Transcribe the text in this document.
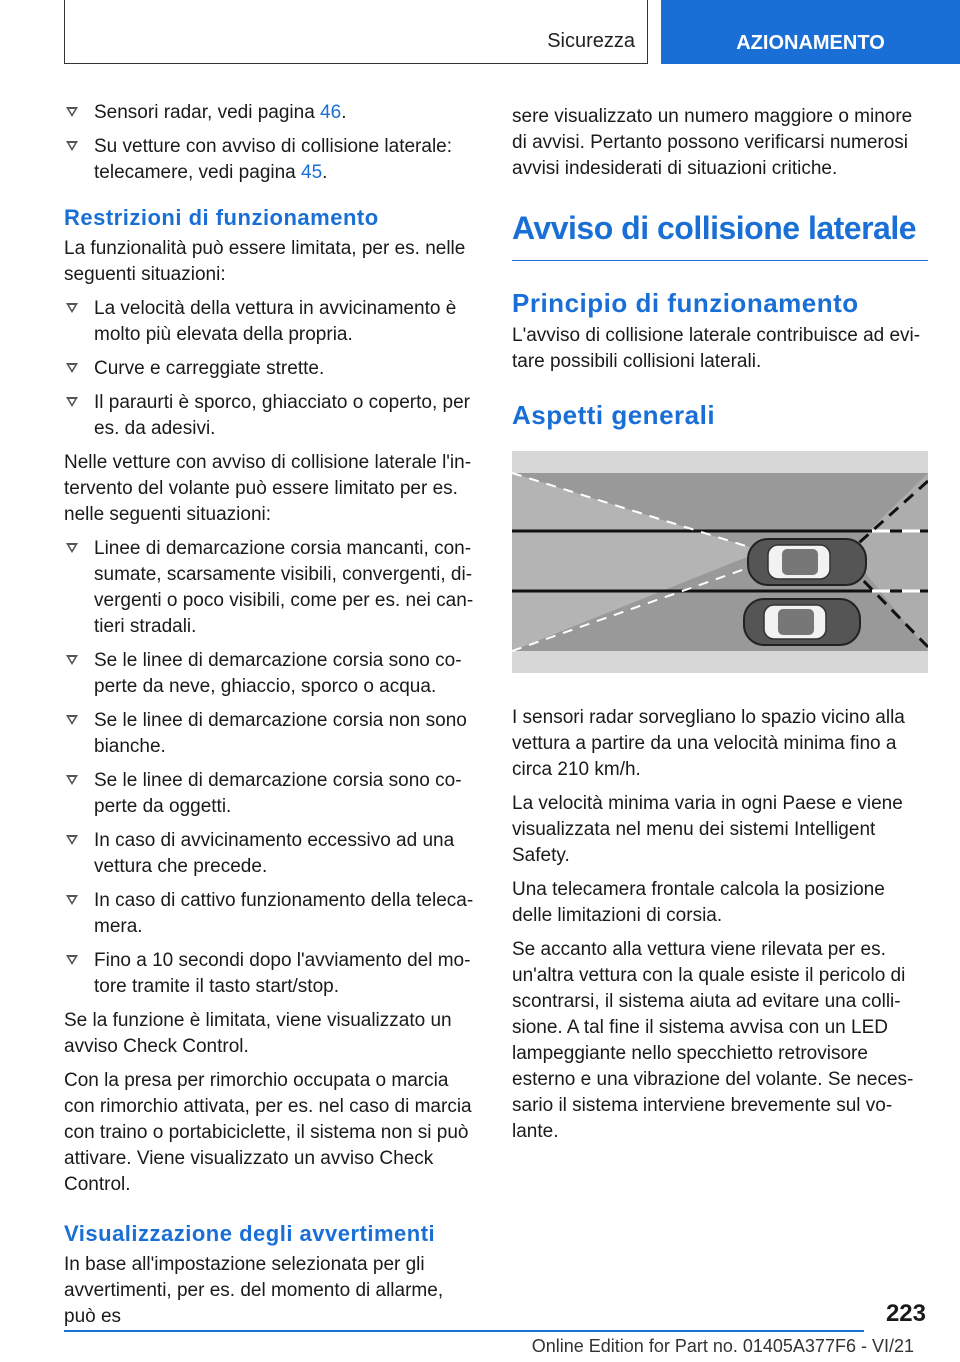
Sicurezza	AZIONAMENTO
Sensori radar, vedi pagina 46.
Su vetture con avviso di collisione laterale: telecamere, vedi pagina 45.
Restrizioni di funzionamento

La funzionalità può essere limitata, per es. nelle seguenti situazioni:

La velocità della vettura in avvicinamento è molto più elevata della propria.
Curve e carreggiate strette.
Il paraurti è sporco, ghiacciato o coperto, per es. da adesivi.

Nelle vetture con avviso di collisione laterale l'intervento del volante può essere limitato per es. nelle seguenti situazioni:

Linee di demarcazione corsia mancanti, consumate, scarsamente visibili, convergenti, divergenti o poco visibili, come per es. nei cantieri stradali.
Se le linee di demarcazione corsia sono coperte da neve, ghiaccio, sporco o acqua.
Se le linee di demarcazione corsia non sono bianche.
Se le linee di demarcazione corsia sono coperte da oggetti.
In caso di avvicinamento eccessivo ad una vettura che precede.
In caso di cattivo funzionamento della telecamera.
Fino a 10 secondi dopo l'avviamento del motore tramite il tasto start/stop.

Se la funzione è limitata, viene visualizzato un avviso Check Control.

Con la presa per rimorchio occupata o marcia con rimorchio attivata, per es. nel caso di marcia con traino o portabiciclette, il sistema non si può attivare. Viene visualizzato un avviso Check Control.

Visualizzazione degli avvertimenti

In base all'impostazione selezionata per gli avvertimenti, per es. del momento di allarme, può es

sere visualizzato un numero maggiore o minore di avvisi. Pertanto possono verificarsi numerosi avvisi indesiderati di situazioni critiche.

Avviso di collisione laterale
Principio di funzionamento

L'avviso di collisione laterale contribuisce ad evitare possibili collisioni laterali.

Aspetti generali

I sensori radar sorvegliano lo spazio vicino alla vettura a partire da una velocità minima fino a circa 210 km/h.

La velocità minima varia in ogni Paese e viene visualizzata nel menu dei sistemi Intelligent Safety.

Una telecamera frontale calcola la posizione delle limitazioni di corsia.

Se accanto alla vettura viene rilevata per es. un'altra vettura con la quale esiste il pericolo di scontrarsi, il sistema aiuta ad evitare una collisione. A tal fine il sistema avvisa con un LED lampeggiante nello specchietto retrovisore esterno e una vibrazione del volante. Se necessario il sistema interviene brevemente sul volante.

223
Online Edition for Part no. 01405A377F6 - VI/21
